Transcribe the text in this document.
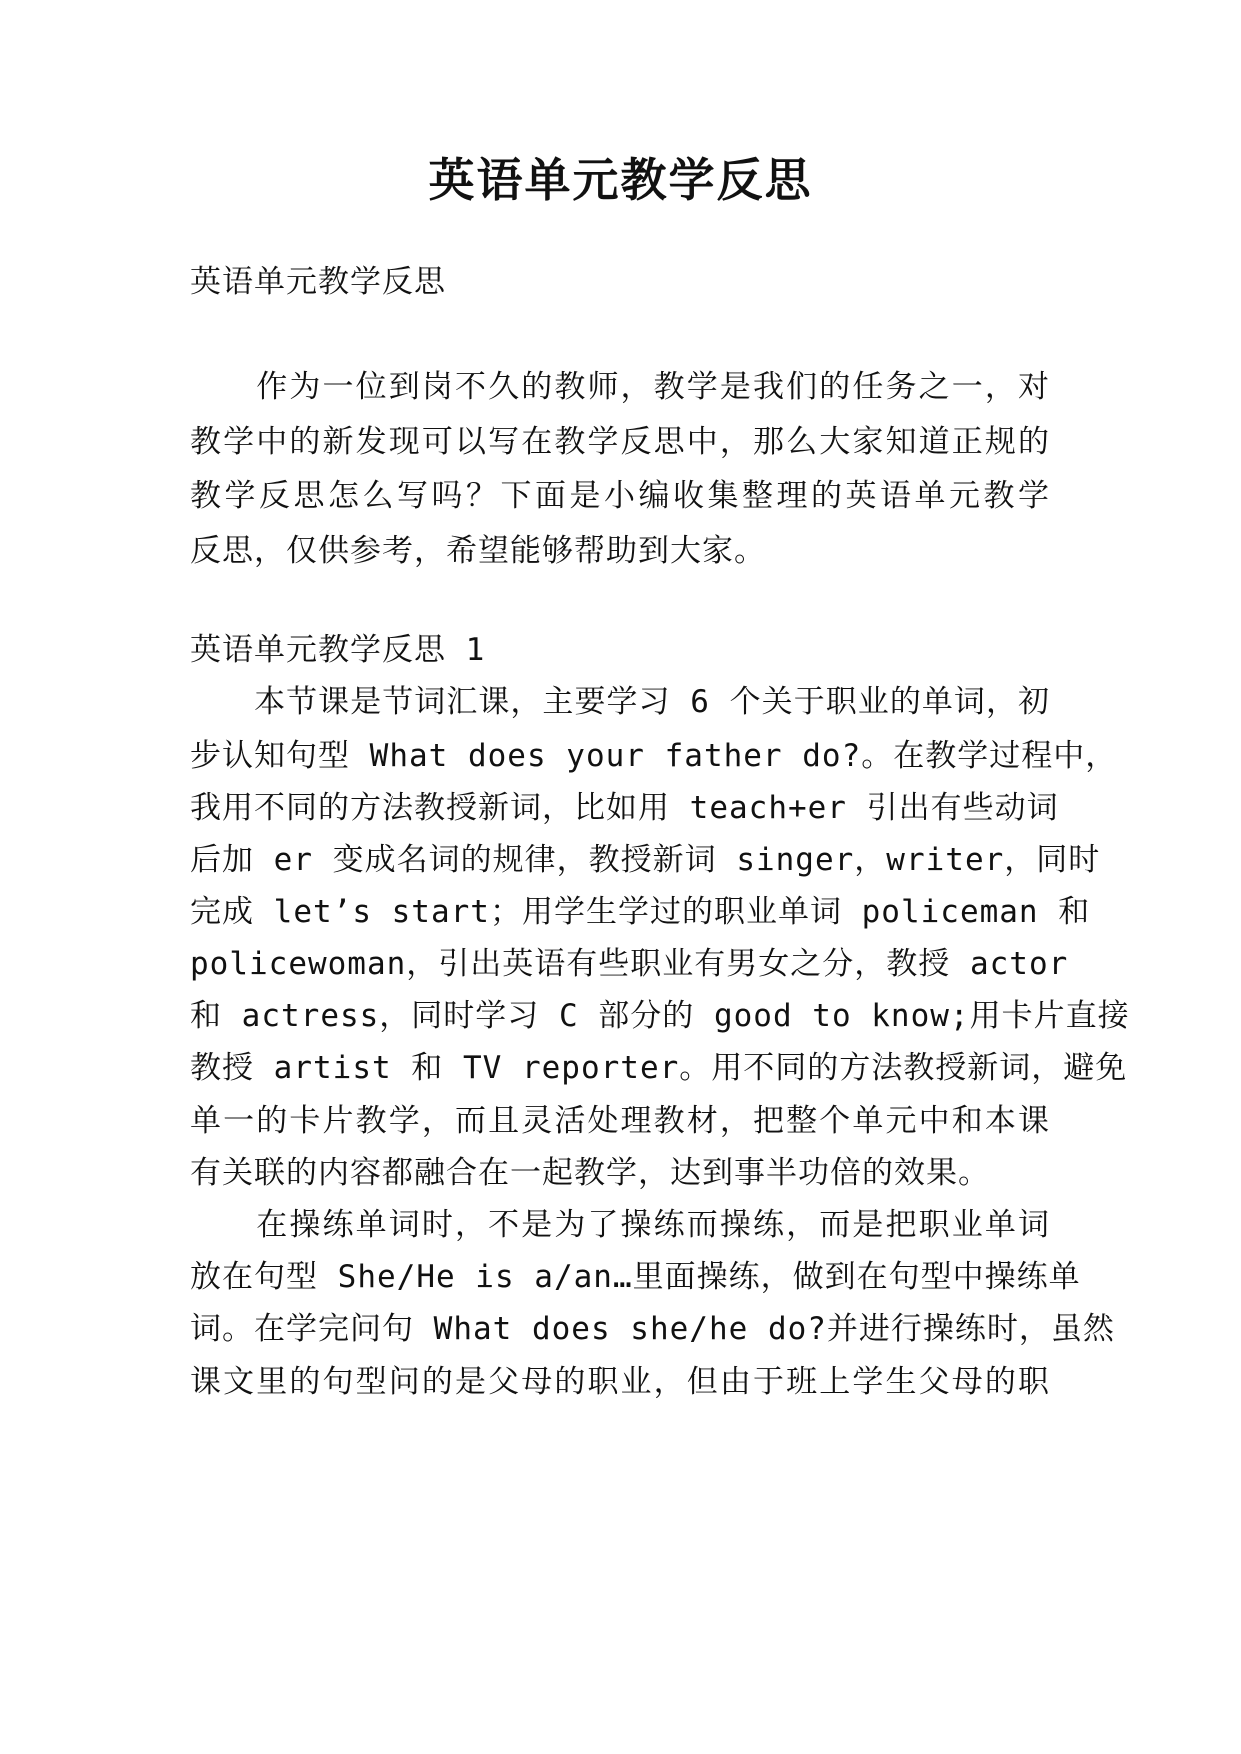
英语单元教学反思

英语单元教学反思

　　作为一位到岗不久的教师，教学是我们的任务之一，对

教学中的新发现可以写在教学反思中，那么大家知道正规的

教学反思怎么写吗？下面是小编收集整理的英语单元教学

反思，仅供参考，希望能够帮助到大家。

英语单元教学反思 1

　　本节课是节词汇课，主要学习 6 个关于职业的单词，初

步认知句型 What does your father do?。在教学过程中，

我用不同的方法教授新词，比如用 teach+er 引出有些动词

后加 er 变成名词的规律，教授新词 singer，writer，同时

完成 let’s start；用学生学过的职业单词 policeman 和

policewoman，引出英语有些职业有男女之分，教授 actor

和 actress，同时学习 C 部分的 good to know;用卡片直接

教授 artist 和 TV reporter。用不同的方法教授新词，避免

单一的卡片教学，而且灵活处理教材，把整个单元中和本课

有关联的内容都融合在一起教学，达到事半功倍的效果。

　　在操练单词时，不是为了操练而操练，而是把职业单词

放在句型 She/He is a/an…里面操练，做到在句型中操练单

词。在学完问句 What does she/he do?并进行操练时，虽然

课文里的句型问的是父母的职业，但由于班上学生父母的职
